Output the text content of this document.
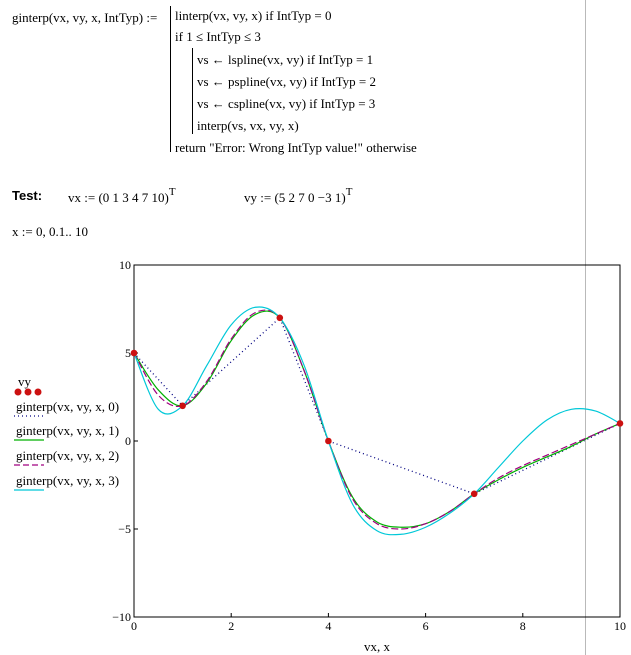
ginterp(vx, vy, x, IntTyp) := linterp(vx, vy, x) if IntTyp = 0
if 1 ≤ IntTyp ≤ 3
vs ← lspline(vx, vy) if IntTyp = 1
vs ← pspline(vx, vy) if IntTyp = 2
vs ← cspline(vx, vy) if IntTyp = 3
interp(vs, vx, vy, x)
return "Error: Wrong IntTyp value!" otherwise
Test: vx := (0 1 3 4 7 10)$^T$	vy := (5 2 7 0 −3 1)$^T$
x := 0, 0.1.. 10
vy
ginterp(vx, vy, x, 0)
ginterp(vx, vy, x, 1)
ginterp(vx, vy, x, 2)
ginterp(vx, vy, x, 3)
0	2	4	6	8	10
−10
−5
0
5
10
vx, x
